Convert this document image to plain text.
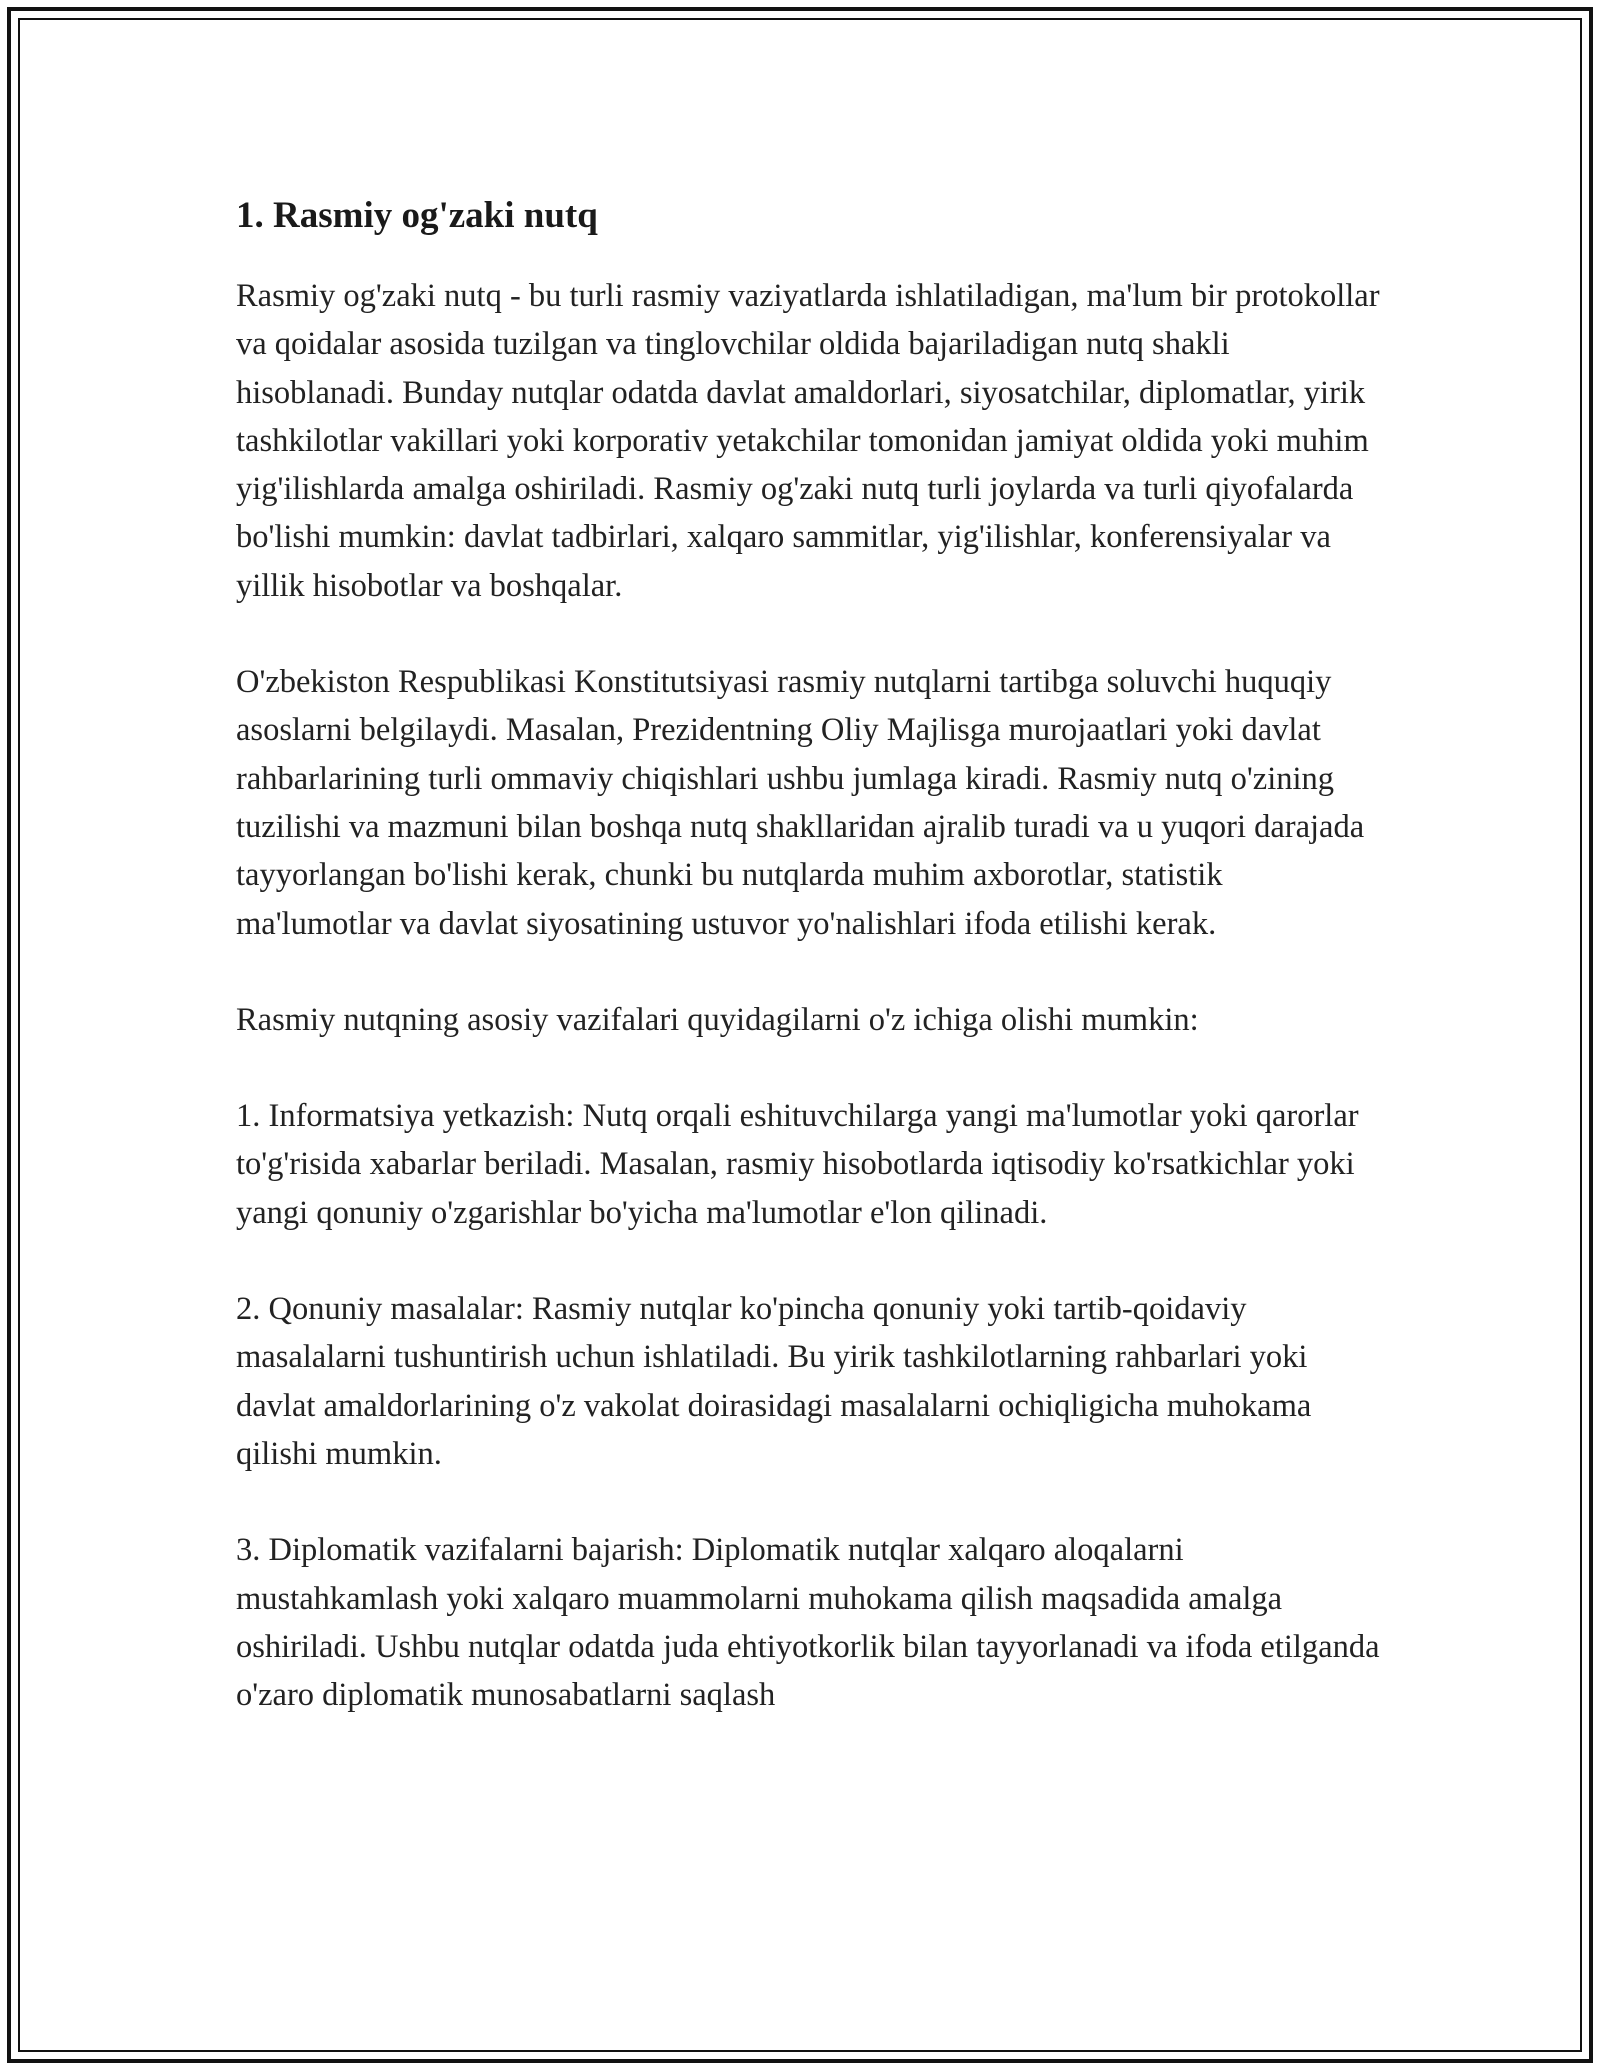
1. Rasmiy og'zaki nutq

Rasmiy og'zaki nutq - bu turli rasmiy vaziyatlarda ishlatiladigan, ma'lum bir protokollar va qoidalar asosida tuzilgan va tinglovchilar oldida bajariladigan nutq shakli hisoblanadi. Bunday nutqlar odatda davlat amaldorlari, siyosatchilar, diplomatlar, yirik tashkilotlar vakillari yoki korporativ yetakchilar tomonidan jamiyat oldida yoki muhim yig'ilishlarda amalga oshiriladi. Rasmiy og'zaki nutq turli joylarda va turli qiyofalarda bo'lishi mumkin: davlat tadbirlari, xalqaro sammitlar, yig'ilishlar, konferensiyalar va yillik hisobotlar va boshqalar.

O'zbekiston Respublikasi Konstitutsiyasi rasmiy nutqlarni tartibga soluvchi huquqiy asoslarni belgilaydi. Masalan, Prezidentning Oliy Majlisga murojaatlari yoki davlat rahbarlarining turli ommaviy chiqishlari ushbu jumlaga kiradi. Rasmiy nutq o'zining tuzilishi va mazmuni bilan boshqa nutq shakllaridan ajralib turadi va u yuqori darajada tayyorlangan bo'lishi kerak, chunki bu nutqlarda muhim axborotlar, statistik ma'lumotlar va davlat siyosatining ustuvor yo'nalishlari ifoda etilishi kerak.

Rasmiy nutqning asosiy vazifalari quyidagilarni o'z ichiga olishi mumkin:

1. Informatsiya yetkazish: Nutq orqali eshituvchilarga yangi ma'lumotlar yoki qarorlar to'g'risida xabarlar beriladi. Masalan, rasmiy hisobotlarda iqtisodiy ko'rsatkichlar yoki yangi qonuniy o'zgarishlar bo'yicha ma'lumotlar e'lon qilinadi.

2. Qonuniy masalalar: Rasmiy nutqlar ko'pincha qonuniy yoki tartib-qoidaviy masalalarni tushuntirish uchun ishlatiladi. Bu yirik tashkilotlarning rahbarlari yoki davlat amaldorlarining o'z vakolat doirasidagi masalalarni ochiqligicha muhokama qilishi mumkin.

3. Diplomatik vazifalarni bajarish: Diplomatik nutqlar xalqaro aloqalarni mustahkamlash yoki xalqaro muammolarni muhokama qilish maqsadida amalga oshiriladi. Ushbu nutqlar odatda juda ehtiyotkorlik bilan tayyorlanadi va ifoda etilganda o'zaro diplomatik munosabatlarni saqlash
